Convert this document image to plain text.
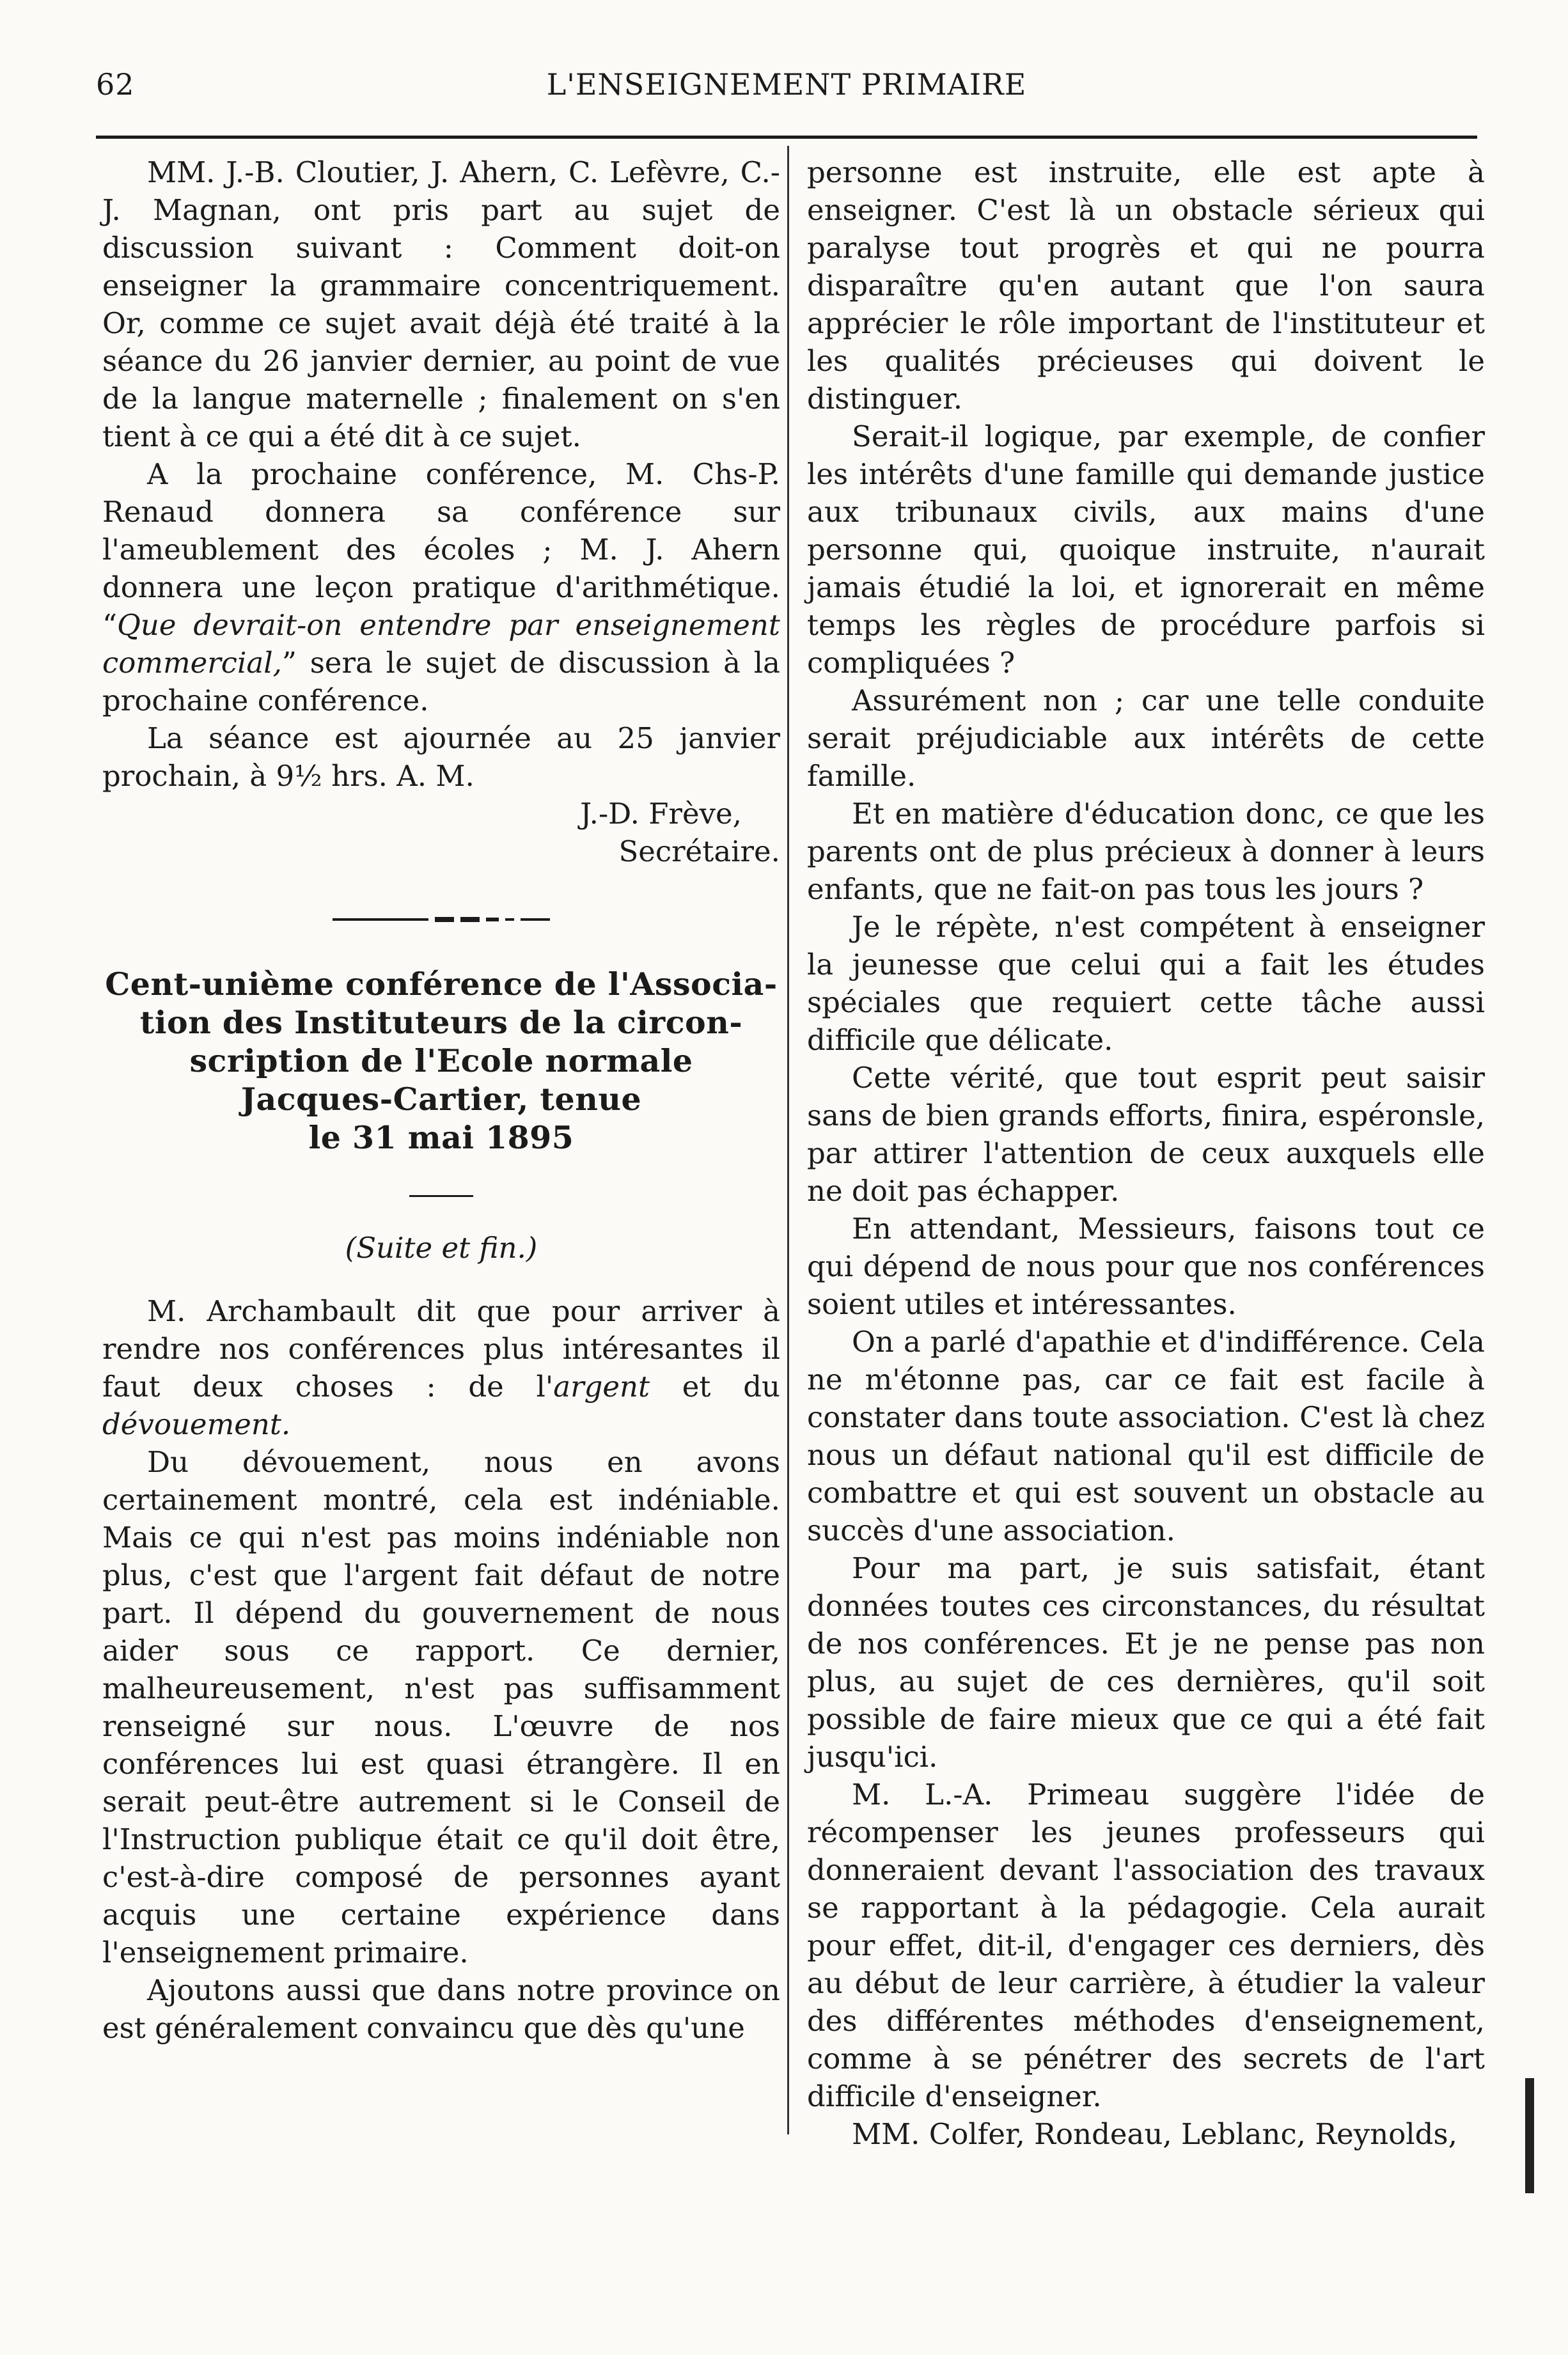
62	L'ENSEIGNEMENT PRIMAIRE

MM. J.-B. Cloutier, J. Ahern, C. Lefèvre, C.-J. Magnan, ont pris part au sujet de discussion suivant : Comment doit-on enseigner la grammaire concentriquement. Or, comme ce sujet avait déjà été traité à la séance du 26 janvier dernier, au point de vue de la langue maternelle ; finalement on s'en tient à ce qui a été dit à ce sujet.

A la prochaine conférence, M. Chs-P. Renaud donnera sa conférence sur l'ameublement des écoles ; M. J. Ahern donnera une leçon pratique d'arithmétique. “Que devrait-on entendre par enseignement commercial,” sera le sujet de discussion à la prochaine conférence.

La séance est ajournée au 25 janvier prochain, à 9½ hrs. A. M.

J.-D. Frève,

Secrétaire.

Cent-unième conférence de l'Associa-
tion des Instituteurs de la circon-
scription de l'Ecole normale
Jacques-Cartier, tenue
le 31 mai 1895

(Suite et fin.)

M. Archambault dit que pour arriver à rendre nos conférences plus intéresantes il faut deux choses : de l'argent et du dévouement.

Du dévouement, nous en avons certainement montré, cela est indéniable. Mais ce qui n'est pas moins indéniable non plus, c'est que l'argent fait défaut de notre part. Il dépend du gouvernement de nous aider sous ce rapport. Ce dernier, malheureusement, n'est pas suffisamment renseigné sur nous. L'œuvre de nos conférences lui est quasi étrangère. Il en serait peut-être autrement si le Conseil de l'Instruction publique était ce qu'il doit être, c'est-à-dire composé de personnes ayant acquis une certaine expérience dans l'enseignement primaire.

Ajoutons aussi que dans notre province on est généralement convaincu que dès qu'une

personne est instruite, elle est apte à enseigner. C'est là un obstacle sérieux qui paralyse tout progrès et qui ne pourra disparaître qu'en autant que l'on saura apprécier le rôle important de l'instituteur et les qualités précieuses qui doivent le distinguer.

Serait-il logique, par exemple, de confier les intérêts d'une famille qui demande justice aux tribunaux civils, aux mains d'une personne qui, quoique instruite, n'aurait jamais étudié la loi, et ignorerait en même temps les règles de procédure parfois si compliquées ?

Assurément non ; car une telle conduite serait préjudiciable aux intérêts de cette famille.

Et en matière d'éducation donc, ce que les parents ont de plus précieux à donner à leurs enfants, que ne fait-on pas tous les jours ?

Je le répète, n'est compétent à enseigner la jeunesse que celui qui a fait les études spéciales que requiert cette tâche aussi difficile que délicate.

Cette vérité, que tout esprit peut saisir sans de bien grands efforts, finira, espéronsle, par attirer l'attention de ceux auxquels elle ne doit pas échapper.

En attendant, Messieurs, faisons tout ce qui dépend de nous pour que nos conférences soient utiles et intéressantes.

On a parlé d'apathie et d'indifférence. Cela ne m'étonne pas, car ce fait est facile à constater dans toute association. C'est là chez nous un défaut national qu'il est difficile de combattre et qui est souvent un obstacle au succès d'une association.

Pour ma part, je suis satisfait, étant données toutes ces circonstances, du résultat de nos conférences. Et je ne pense pas non plus, au sujet de ces dernières, qu'il soit possible de faire mieux que ce qui a été fait jusqu'ici.

M. L.-A. Primeau suggère l'idée de récompenser les jeunes professeurs qui donneraient devant l'association des travaux se rapportant à la pédagogie. Cela aurait pour effet, dit-il, d'engager ces derniers, dès au début de leur carrière, à étudier la valeur des différentes méthodes d'enseignement, comme à se pénétrer des secrets de l'art difficile d'enseigner.

MM. Colfer, Rondeau, Leblanc, Reynolds,
